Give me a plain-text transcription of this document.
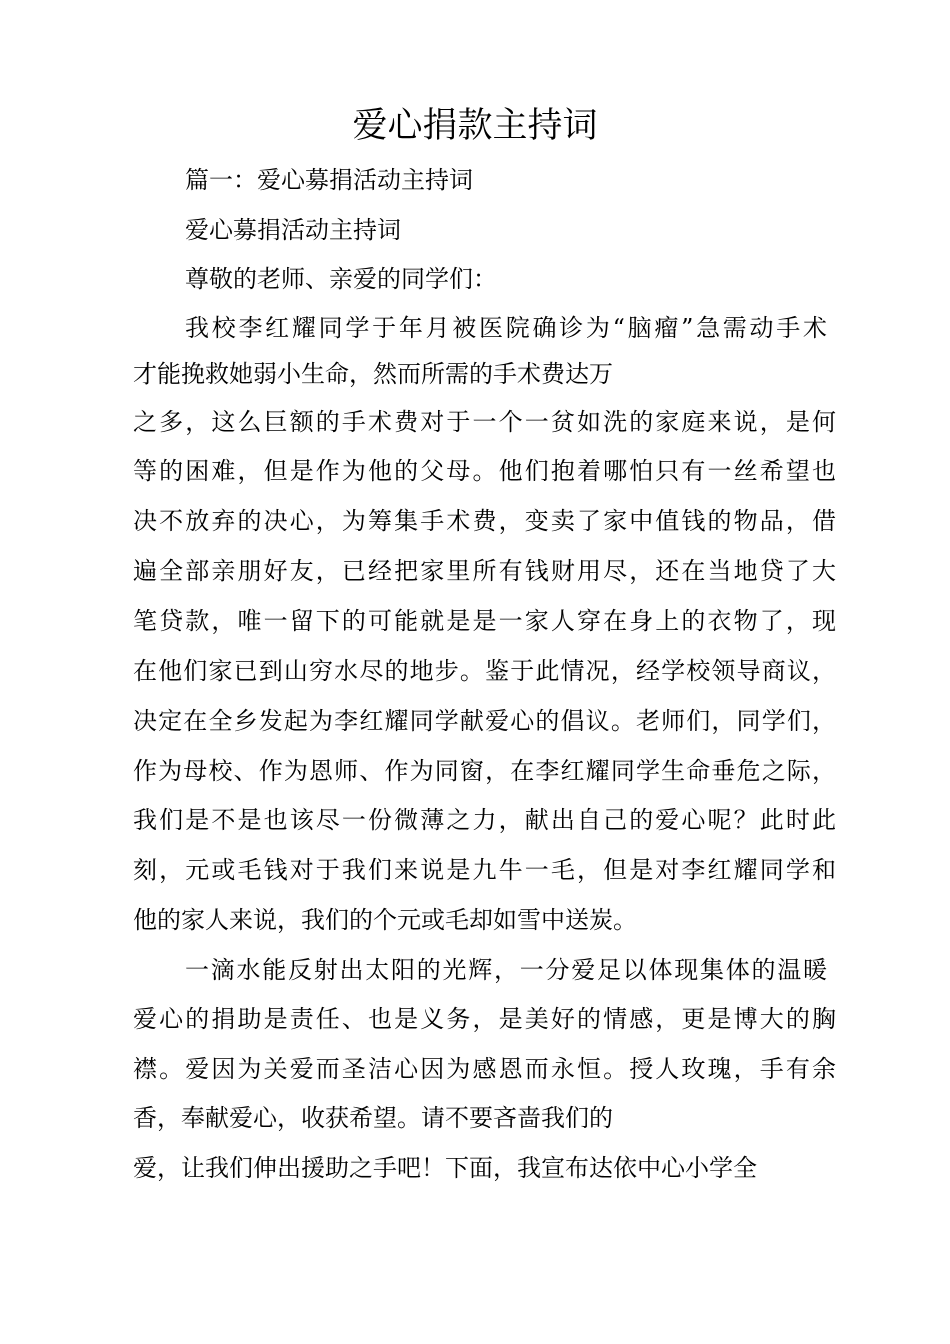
爱心捐款主持词
篇一：爱心募捐活动主持词
爱心募捐活动主持词
尊敬的老师、亲爱的同学们：
我校李红耀同学于年月被医院确诊为“脑瘤”急需动手术
才能挽救她弱小生命，然而所需的手术费达万
之多，这么巨额的手术费对于一个一贫如洗的家庭来说，是何
等的困难，但是作为他的父母。他们抱着哪怕只有一丝希望也
决不放弃的决心，为筹集手术费，变卖了家中值钱的物品，借
遍全部亲朋好友，已经把家里所有钱财用尽，还在当地贷了大
笔贷款，唯一留下的可能就是是一家人穿在身上的衣物了，现
在他们家已到山穷水尽的地步。鉴于此情况，经学校领导商议，
决定在全乡发起为李红耀同学献爱心的倡议。老师们，同学们，
作为母校、作为恩师、作为同窗，在李红耀同学生命垂危之际，
我们是不是也该尽一份微薄之力，献出自己的爱心呢？此时此
刻，元或毛钱对于我们来说是九牛一毛，但是对李红耀同学和
他的家人来说，我们的个元或毛却如雪中送炭。
一滴水能反射出太阳的光辉，一分爱足以体现集体的温暖
爱心的捐助是责任、也是义务，是美好的情感，更是博大的胸
襟。爱因为关爱而圣洁心因为感恩而永恒。授人玫瑰，手有余
香，奉献爱心，收获希望。请不要吝啬我们的
爱，让我们伸出援助之手吧！下面，我宣布达依中心小学全
